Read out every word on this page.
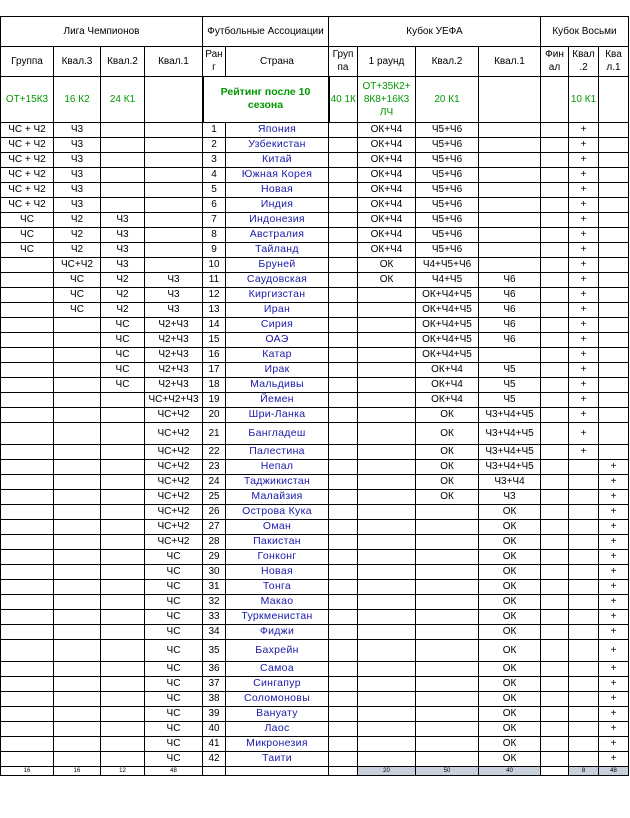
Лига Чемпионов				Футбольные Ассоциации		Кубок УЕФА				Кубок Восьми		
Группа	Квал.3	Квал.2	Квал.1	Ран г	Страна	Груп па	1 раунд	Квал.2	Квал.1	Фин ал	Квал .2	Ква л.1
ОТ+15К3	16 К2	24 К1		Рейтинг после 10 сезона		40 1К	ОТ+35К2+ 8К8+16К3 ЛЧ	20 К1			10 К1	
ЧС + Ч2	Ч3			1	Япония		ОК+Ч4	Ч5+Ч6			+	
ЧС + Ч2	Ч3			2	Узбекистан		ОК+Ч4	Ч5+Ч6			+	
ЧС + Ч2	Ч3			3	Китай		ОК+Ч4	Ч5+Ч6			+	
ЧС + Ч2	Ч3			4	Южная Корея		ОК+Ч4	Ч5+Ч6			+	
ЧС + Ч2	Ч3			5	Новая		ОК+Ч4	Ч5+Ч6			+	
ЧС + Ч2	Ч3			6	Индия		ОК+Ч4	Ч5+Ч6			+	
ЧС	Ч2	Ч3		7	Индонезия		ОК+Ч4	Ч5+Ч6			+	
ЧС	Ч2	Ч3		8	Австралия		ОК+Ч4	Ч5+Ч6			+	
ЧС	Ч2	Ч3		9	Тайланд		ОК+Ч4	Ч5+Ч6			+	
	ЧС+Ч2	Ч3		10	Бруней		ОК	Ч4+Ч5+Ч6			+	
	ЧС	Ч2	Ч3	11	Саудовская		ОК	Ч4+Ч5	Ч6		+	
	ЧС	Ч2	Ч3	12	Киргизстан			ОК+Ч4+Ч5	Ч6		+	
	ЧС	Ч2	Ч3	13	Иран			ОК+Ч4+Ч5	Ч6		+	
		ЧС	Ч2+Ч3	14	Сирия			ОК+Ч4+Ч5	Ч6		+	
		ЧС	Ч2+Ч3	15	ОАЭ			ОК+Ч4+Ч5	Ч6		+	
		ЧС	Ч2+Ч3	16	Катар			ОК+Ч4+Ч5			+	
		ЧС	Ч2+Ч3	17	Ирак			ОК+Ч4	Ч5		+	
		ЧС	Ч2+Ч3	18	Мальдивы			ОК+Ч4	Ч5		+	
			ЧС+Ч2+Ч3	19	Йемен			ОК+Ч4	Ч5		+	
			ЧС+Ч2	20	Шри-Ланка			ОК	Ч3+Ч4+Ч5		+	
			ЧС+Ч2	21	Бангладеш			ОК	Ч3+Ч4+Ч5		+	
			ЧС+Ч2	22	Палестина			ОК	Ч3+Ч4+Ч5		+	
			ЧС+Ч2	23	Непал			ОК	Ч3+Ч4+Ч5			+
			ЧС+Ч2	24	Таджикистан			ОК	Ч3+Ч4			+
			ЧС+Ч2	25	Малайзия			ОК	Ч3			+
			ЧС+Ч2	26	Острова Кука				ОК			+
			ЧС+Ч2	27	Оман				ОК			+
			ЧС+Ч2	28	Пакистан				ОК			+
			ЧС	29	Гонконг				ОК			+
			ЧС	30	Новая				ОК			+
			ЧС	31	Тонга				ОК			+
			ЧС	32	Макао				ОК			+
			ЧС	33	Туркменистан				ОК			+
			ЧС	34	Фиджи				ОК			+
			ЧС	35	Бахрейн				ОК			+
			ЧС	36	Самоа				ОК			+
			ЧС	37	Сингапур				ОК			+
			ЧС	38	Соломоновы				ОК			+
			ЧС	39	Вануату				ОК			+
			ЧС	40	Лаос				ОК			+
			ЧС	41	Микронезия				ОК			+
			ЧС	42	Таити				ОК			+
16	16	12	48				20	50	40		8	48
